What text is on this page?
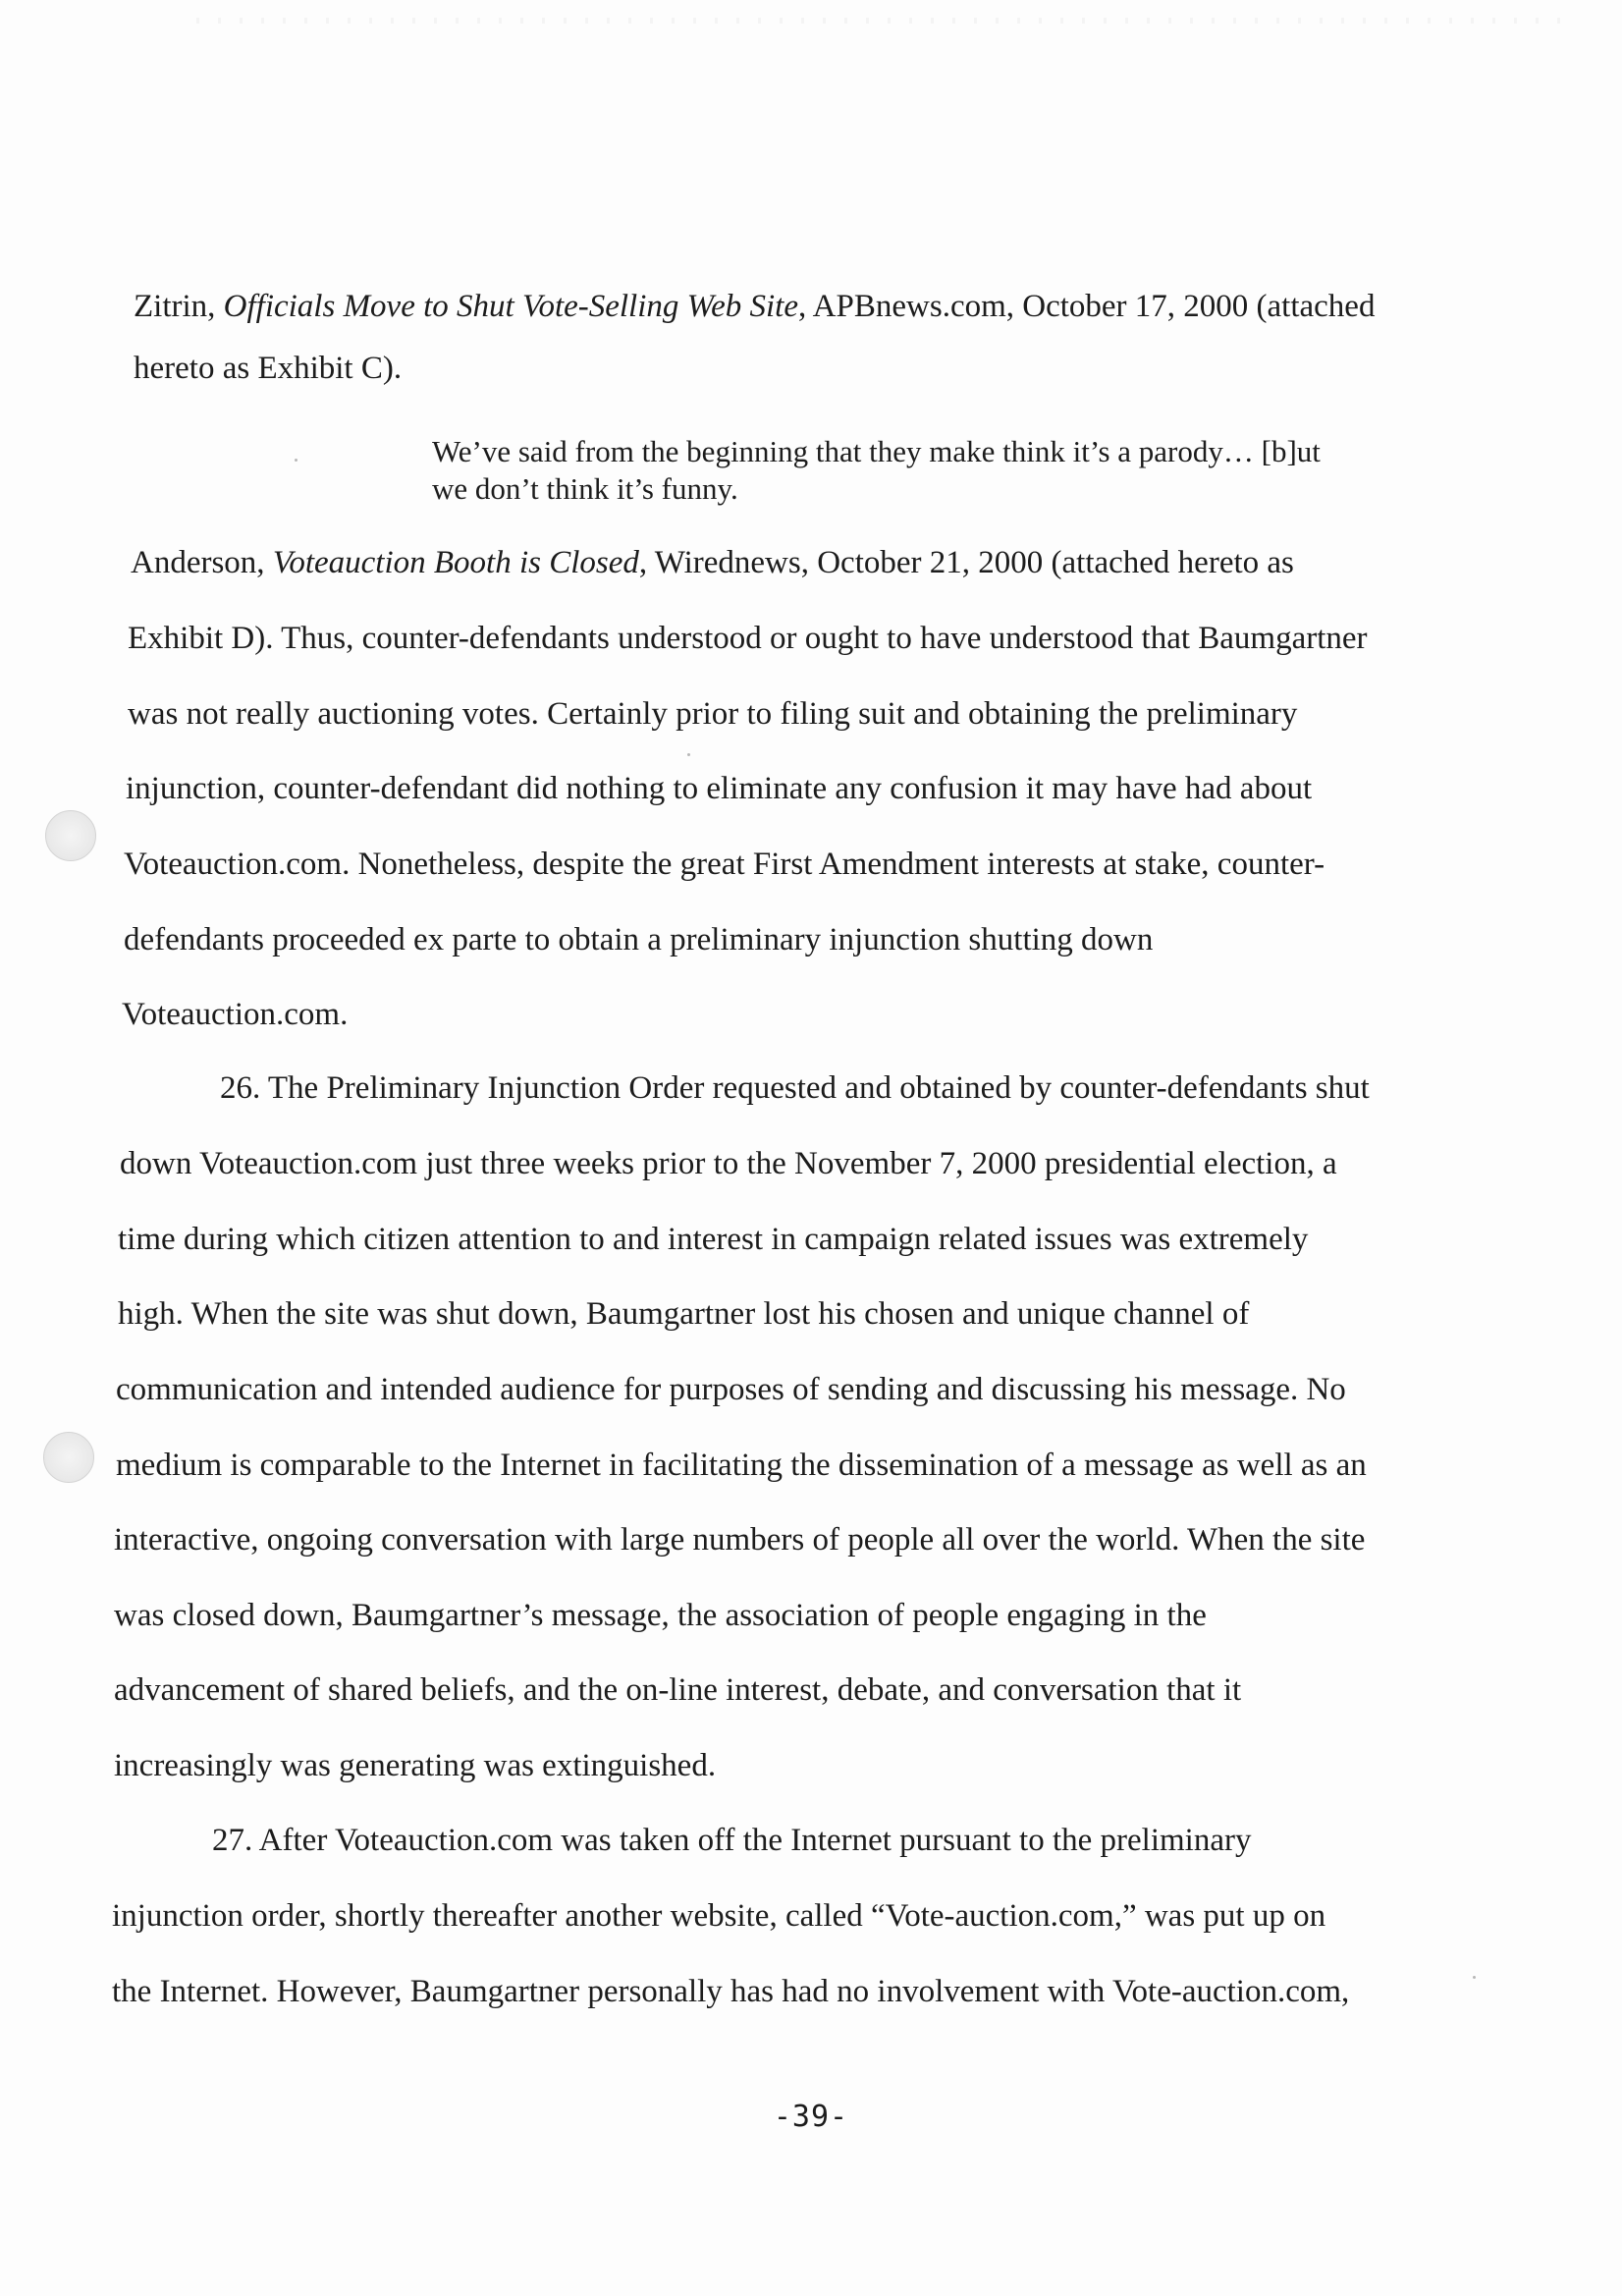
Zitrin, Officials Move to Shut Vote-Selling Web Site, APBnews.com, October 17, 2000 (attached
hereto as Exhibit C).
We’ve said from the beginning that they make think it’s a parody… [b]ut
we don’t think it’s funny.
Anderson, Voteauction Booth is Closed, Wirednews, October 21, 2000 (attached hereto as
Exhibit D). Thus, counter-defendants understood or ought to have understood that Baumgartner
was not really auctioning votes. Certainly prior to filing suit and obtaining the preliminary
injunction, counter-defendant did nothing to eliminate any confusion it may have had about
Voteauction.com. Nonetheless, despite the great First Amendment interests at stake, counter-
defendants proceeded ex parte to obtain a preliminary injunction shutting down
Voteauction.com.
26. The Preliminary Injunction Order requested and obtained by counter-defendants shut
down Voteauction.com just three weeks prior to the November 7, 2000 presidential election, a
time during which citizen attention to and interest in campaign related issues was extremely
high. When the site was shut down, Baumgartner lost his chosen and unique channel of
communication and intended audience for purposes of sending and discussing his message. No
medium is comparable to the Internet in facilitating the dissemination of a message as well as an
interactive, ongoing conversation with large numbers of people all over the world. When the site
was closed down, Baumgartner’s message, the association of people engaging in the
advancement of shared beliefs, and the on-line interest, debate, and conversation that it
increasingly was generating was extinguished.
27. After Voteauction.com was taken off the Internet pursuant to the preliminary
injunction order, shortly thereafter another website, called “Vote-auction.com,” was put up on
the Internet. However, Baumgartner personally has had no involvement with Vote-auction.com,
-39-
